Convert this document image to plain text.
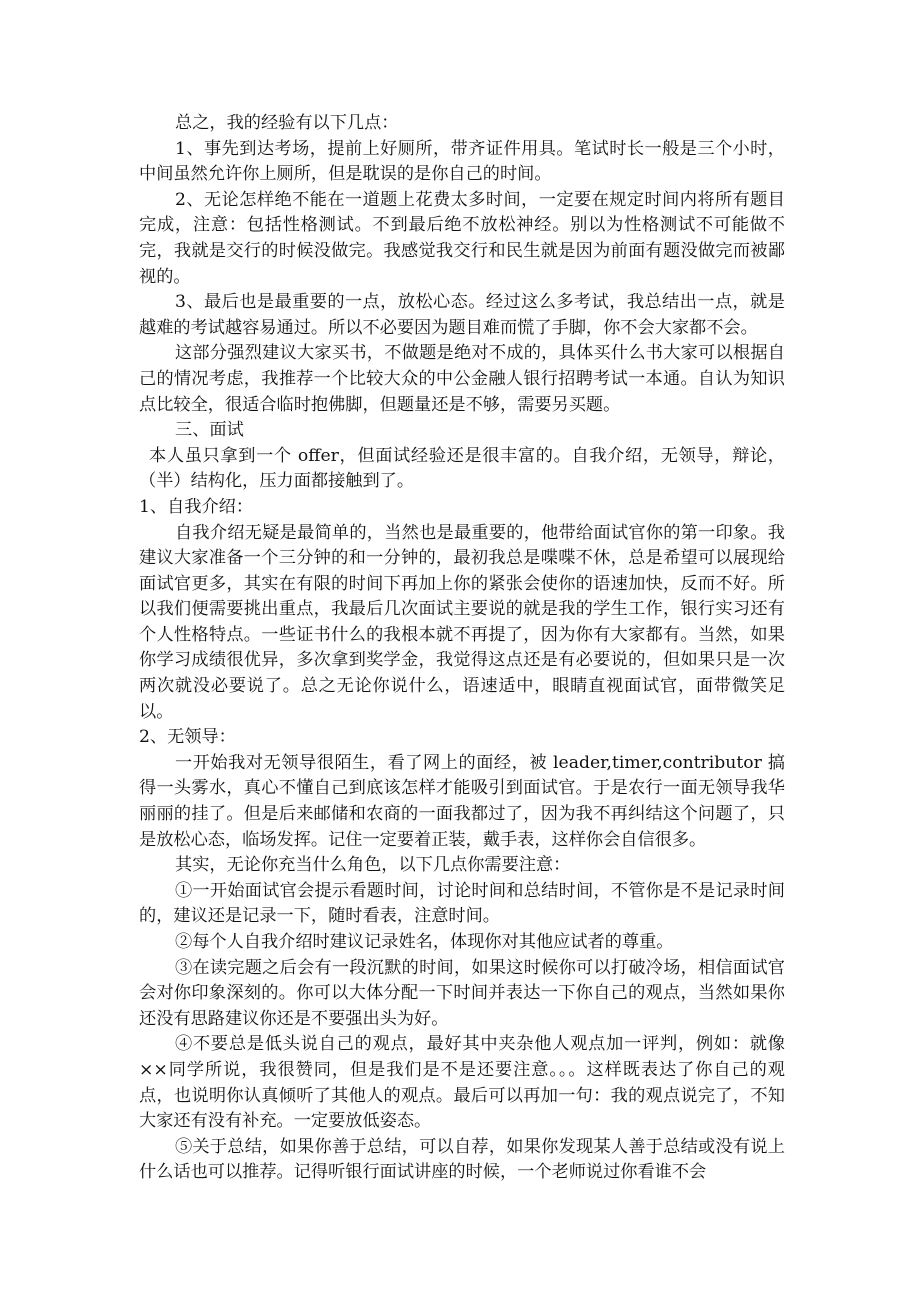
总之，我的经验有以下几点：

1、事先到达考场，提前上好厕所，带齐证件用具。笔试时长一般是三个小时，中间虽然允许你上厕所，但是耽误的是你自己的时间。

2、无论怎样绝不能在一道题上花费太多时间，一定要在规定时间内将所有题目完成，注意：包括性格测试。不到最后绝不放松神经。别以为性格测试不可能做不完，我就是交行的时候没做完。我感觉我交行和民生就是因为前面有题没做完而被鄙视的。

3、最后也是最重要的一点，放松心态。经过这么多考试，我总结出一点，就是越难的考试越容易通过。所以不必要因为题目难而慌了手脚，你不会大家都不会。

这部分强烈建议大家买书，不做题是绝对不成的，具体买什么书大家可以根据自己的情况考虑，我推荐一个比较大众的中公金融人银行招聘考试一本通。自认为知识点比较全，很适合临时抱佛脚，但题量还是不够，需要另买题。

三、面试

本人虽只拿到一个 offer，但面试经验还是很丰富的。自我介绍，无领导，辩论，（半）结构化，压力面都接触到了。

1、自我介绍：

自我介绍无疑是最简单的，当然也是最重要的，他带给面试官你的第一印象。我建议大家准备一个三分钟的和一分钟的，最初我总是喋喋不休，总是希望可以展现给面试官更多，其实在有限的时间下再加上你的紧张会使你的语速加快，反而不好。所以我们便需要挑出重点，我最后几次面试主要说的就是我的学生工作，银行实习还有个人性格特点。一些证书什么的我根本就不再提了，因为你有大家都有。当然，如果你学习成绩很优异，多次拿到奖学金，我觉得这点还是有必要说的，但如果只是一次两次就没必要说了。总之无论你说什么，语速适中，眼睛直视面试官，面带微笑足以。

2、无领导：

一开始我对无领导很陌生，看了网上的面经，被 leader,timer,contributor 搞得一头雾水，真心不懂自己到底该怎样才能吸引到面试官。于是农行一面无领导我华丽丽的挂了。但是后来邮储和农商的一面我都过了，因为我不再纠结这个问题了，只是放松心态，临场发挥。记住一定要着正装，戴手表，这样你会自信很多。

其实，无论你充当什么角色，以下几点你需要注意：

①一开始面试官会提示看题时间，讨论时间和总结时间，不管你是不是记录时间的，建议还是记录一下，随时看表，注意时间。

②每个人自我介绍时建议记录姓名，体现你对其他应试者的尊重。

③在读完题之后会有一段沉默的时间，如果这时候你可以打破冷场，相信面试官会对你印象深刻的。你可以大体分配一下时间并表达一下你自己的观点，当然如果你还没有思路建议你还是不要强出头为好。

④不要总是低头说自己的观点，最好其中夹杂他人观点加一评判，例如：就像××同学所说，我很赞同，但是我们是不是还要注意。。。这样既表达了你自己的观点，也说明你认真倾听了其他人的观点。最后可以再加一句：我的观点说完了，不知大家还有没有补充。一定要放低姿态。

⑤关于总结，如果你善于总结，可以自荐，如果你发现某人善于总结或没有说上什么话也可以推荐。记得听银行面试讲座的时候，一个老师说过你看谁不会
